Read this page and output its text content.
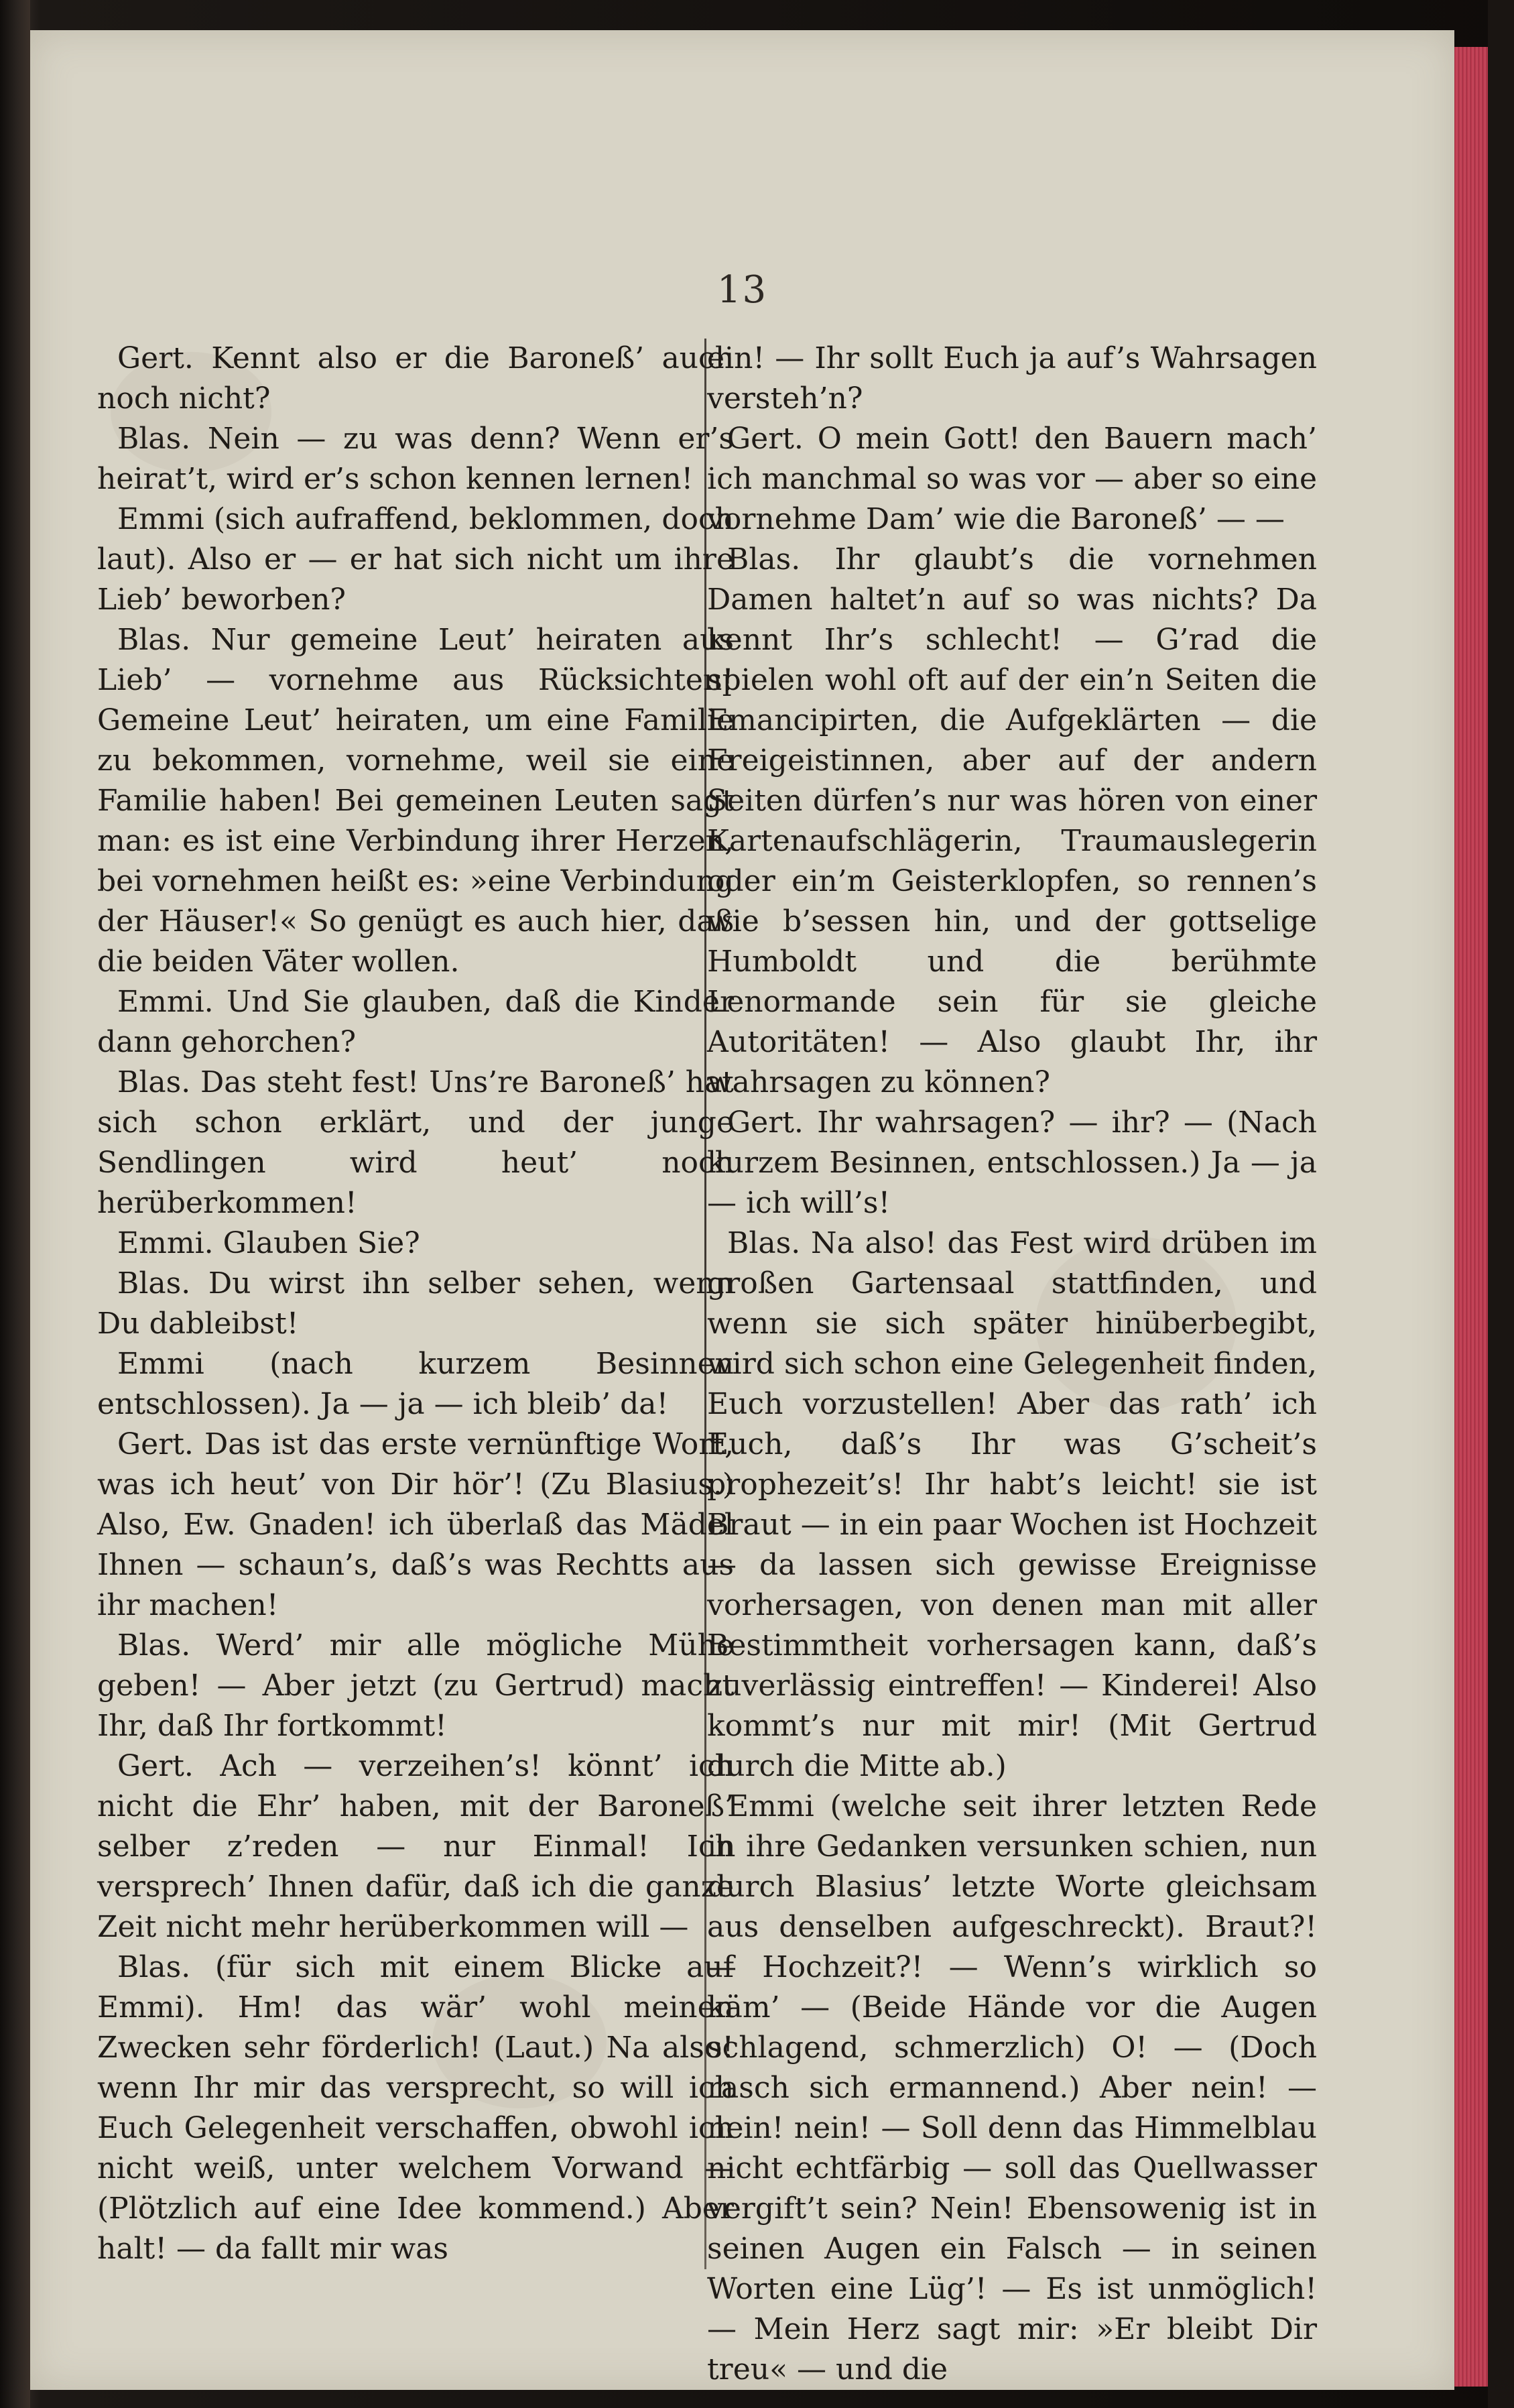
13

Gert. Kennt also er die Baroneß’ auch noch nicht?

Blas. Nein — zu was denn? Wenn er’s heirat’t, wird er’s schon kennen lernen!

Emmi (sich aufraffend, beklommen, doch laut). Also er — er hat sich nicht um ihre Lieb’ beworben?

Blas. Nur gemeine Leut’ heiraten aus Lieb’ — vornehme aus Rücksichten! Gemeine Leut’ heiraten, um eine Familie zu bekommen, vornehme, weil sie eine Familie haben! Bei gemeinen Leuten sagt man: es ist eine Verbindung ihrer Herzen, bei vornehmen heißt es: »eine Verbindung der Häuser!« So genügt es auch hier, daß die beiden Väter wollen.

Emmi. Und Sie glauben, daß die Kinder dann gehorchen?

Blas. Das steht fest! Uns’re Baroneß’ hat sich schon erklärt, und der junge Sendlingen wird heut’ noch herüberkommen!

Emmi. Glauben Sie?

Blas. Du wirst ihn selber sehen, wenn Du dableibst!

Emmi (nach kurzem Besinnen entschlossen). Ja — ja — ich bleib’ da!

Gert. Das ist das erste vernünftige Wort, was ich heut’ von Dir hör’! (Zu Blasius.) Also, Ew. Gnaden! ich überlaß das Mädel Ihnen — schaun’s, daß’s was Rechtts aus ihr machen!

Blas. Werd’ mir alle mögliche Mühe geben! — Aber jetzt (zu Gertrud) macht Ihr, daß Ihr fortkommt!

Gert. Ach — verzeihen’s! könnt’ ich nicht die Ehr’ haben, mit der Baroneß’ selber z’reden — nur Einmal! Ich versprech’ Ihnen dafür, daß ich die ganze Zeit nicht mehr herüberkommen will —

Blas. (für sich mit einem Blicke auf Emmi). Hm! das wär’ wohl meinen Zwecken sehr förderlich! (Laut.) Na also! wenn Ihr mir das versprecht, so will ich Euch Gelegenheit verschaffen, obwohl ich nicht weiß, unter welchem Vorwand — (Plötzlich auf eine Idee kommend.) Aber halt! — da fallt mir was

ein! — Ihr sollt Euch ja auf’s Wahrsagen versteh’n?

Gert. O mein Gott! den Bauern mach’ ich manchmal so was vor — aber so eine vornehme Dam’ wie die Baroneß’ — —

Blas. Ihr glaubt’s die vornehmen Damen haltet’n auf so was nichts? Da kennt Ihr’s schlecht! — G’rad die spielen wohl oft auf der ein’n Seiten die Emancipirten, die Aufgeklärten — die Freigeistinnen, aber auf der andern Seiten dürfen’s nur was hören von einer Kartenaufschlägerin, Traumauslegerin oder ein’m Geisterklopfen, so rennen’s wie b’sessen hin, und der gottselige Humboldt und die berühmte Lenormande sein für sie gleiche Autoritäten! — Also glaubt Ihr, ihr wahrsagen zu können?

Gert. Ihr wahrsagen? — ihr? — (Nach kurzem Besinnen, entschlossen.) Ja — ja — ich will’s!

Blas. Na also! das Fest wird drüben im großen Gartensaal stattfinden, und wenn sie sich später hinüberbegibt, wird sich schon eine Gelegenheit finden, Euch vorzustellen! Aber das rath’ ich Euch, daß’s Ihr was G’scheit’s prophezeit’s! Ihr habt’s leicht! sie ist Braut — in ein paar Wochen ist Hochzeit — da lassen sich gewisse Ereignisse vorhersagen, von denen man mit aller Bestimmtheit vorhersagen kann, daß’s zuverlässig eintreffen! — Kinderei! Also kommt’s nur mit mir! (Mit Gertrud durch die Mitte ab.)

Emmi (welche seit ihrer letzten Rede in ihre Gedanken versunken schien, nun durch Blasius’ letzte Worte gleichsam aus denselben aufgeschreckt). Braut?! — Hochzeit?! — Wenn’s wirklich so käm’ — (Beide Hände vor die Augen schlagend, schmerzlich) O! — (Doch rasch sich ermannend.) Aber nein! — nein! nein! — Soll denn das Himmelblau nicht echtfärbig — soll das Quellwasser vergift’t sein? Nein! Ebensowenig ist in seinen Augen ein Falsch — in seinen Worten eine Lüg’! — Es ist unmöglich! — Mein Herz sagt mir: »Er bleibt Dir treu« — und die
